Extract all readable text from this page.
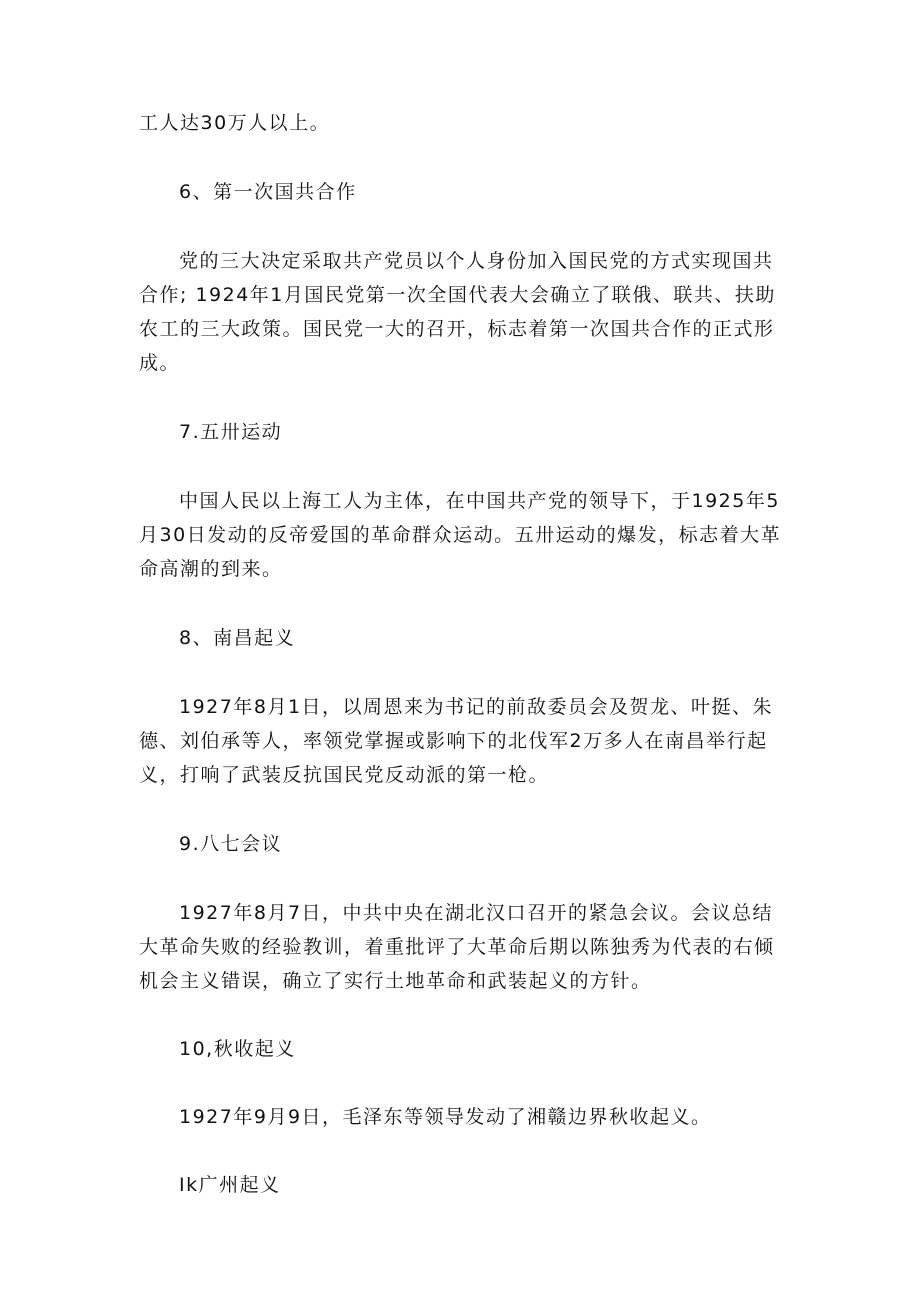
工人达30万人以上。

6、第一次国共合作

党的三大决定采取共产党员以个人身份加入国民党的方式实现国共合作; 1924年1月国民党第一次全国代表大会确立了联俄、联共、扶助农工的三大政策。国民党一大的召开，标志着第一次国共合作的正式形成。

7.五卅运动

中国人民以上海工人为主体，在中国共产党的领导下，于1925年5月30日发动的反帝爱国的革命群众运动。五卅运动的爆发，标志着大革命高潮的到来。

8、南昌起义

1927年8月1日，以周恩来为书记的前敌委员会及贺龙、叶挺、朱德、刘伯承等人，率领党掌握或影响下的北伐军2万多人在南昌举行起义，打响了武装反抗国民党反动派的第一枪。

9.八七会议

1927年8月7日，中共中央在湖北汉口召开的紧急会议。会议总结大革命失败的经验教训，着重批评了大革命后期以陈独秀为代表的右倾机会主义错误，确立了实行土地革命和武装起义的方针。

10,秋收起义

1927年9月9日，毛泽东等领导发动了湘赣边界秋收起义。

Ik广州起义
